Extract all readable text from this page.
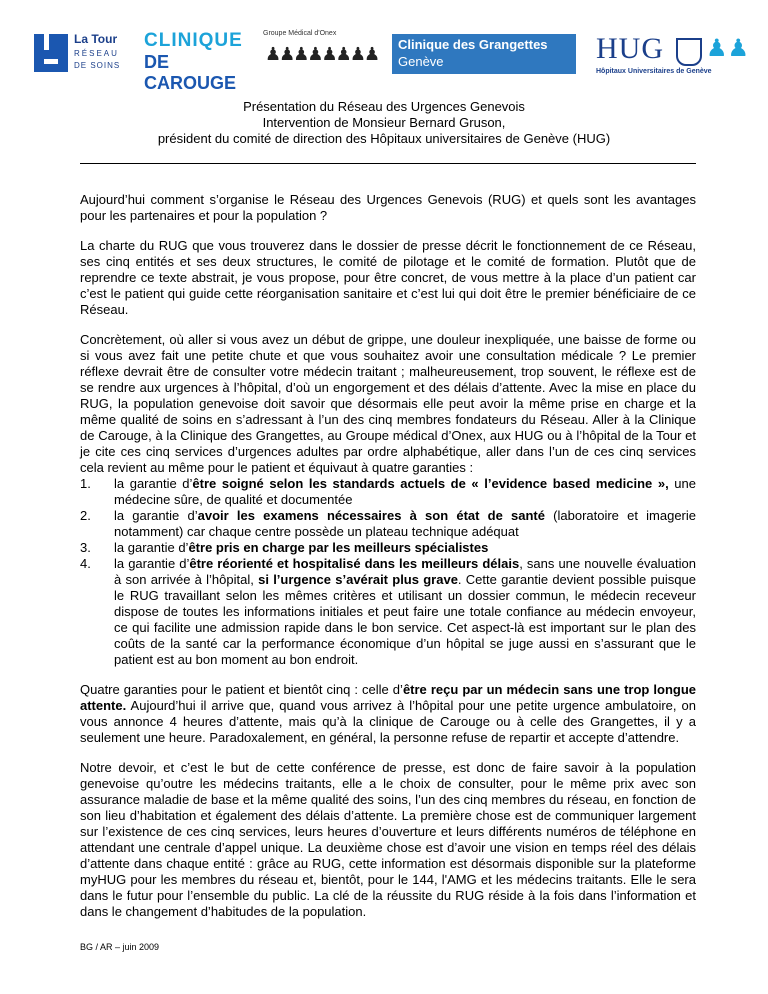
La Tour
RÉSEAU
DE SOINS
CLINIQUE
DE CAROUGE
Groupe Médical d'Onex
♟♟♟♟♟♟♟♟ Clinique des Grangettes
Genève	HUG ♟♟
Hôpitaux Universitaires de Genève
Présentation du Réseau des Urgences Genevois
Intervention de Monsieur Bernard Gruson,
président du comité de direction des Hôpitaux universitaires de Genève (HUG)

Aujourd’hui comment s’organise le Réseau des Urgences Genevois (RUG) et quels sont les avantages pour les partenaires et pour la population ?

La charte du RUG que vous trouverez dans le dossier de presse décrit le fonctionnement de ce Réseau, ses cinq entités et ses deux structures, le comité de pilotage et le comité de formation. Plutôt que de reprendre ce texte abstrait, je vous propose, pour être concret, de vous mettre à la place d’un patient car c’est le patient qui guide cette réorganisation sanitaire et c’est lui qui doit être le premier bénéficiaire de ce Réseau.

Concrètement, où aller si vous avez un début de grippe, une douleur inexpliquée, une baisse de forme ou si vous avez fait une petite chute et que vous souhaitez avoir une consultation médicale ? Le premier réflexe devrait être de consulter votre médecin traitant ; malheureusement, trop souvent, le réflexe est de se rendre aux urgences à l’hôpital, d’où un engorgement et des délais d’attente. Avec la mise en place du RUG, la population genevoise doit savoir que désormais elle peut avoir la même prise en charge et la même qualité de soins en s’adressant à l’un des cinq membres fondateurs du Réseau. Aller à la Clinique de Carouge, à la Clinique des Grangettes, au Groupe médical d’Onex, aux HUG ou à l’hôpital de la Tour et je cite ces cinq services d’urgences adultes par ordre alphabétique, aller dans l’un de ces cinq services cela revient au même pour le patient et équivaut à quatre garanties :
1. la garantie d’être soigné selon les standards actuels de « l’evidence based medicine », une médecine sûre, de qualité et documentée
2. la garantie d’avoir les examens nécessaires à son état de santé (laboratoire et imagerie notamment) car chaque centre possède un plateau technique adéquat
3. la garantie d’être pris en charge par les meilleurs spécialistes
4. la garantie d’être réorienté et hospitalisé dans les meilleurs délais, sans une nouvelle évaluation à son arrivée à l’hôpital, si l’urgence s’avérait plus grave. Cette garantie devient possible puisque le RUG travaillant selon les mêmes critères et utilisant un dossier commun, le médecin receveur dispose de toutes les informations initiales et peut faire une totale confiance au médecin envoyeur, ce qui facilite une admission rapide dans le bon service. Cet aspect-là est important sur le plan des coûts de la santé car la performance économique d’un hôpital se juge aussi en s’assurant que le patient est au bon moment au bon endroit.

Quatre garanties pour le patient et bientôt cinq : celle d’être reçu par un médecin sans une trop longue attente. Aujourd’hui il arrive que, quand vous arrivez à l’hôpital pour une petite urgence ambulatoire, on vous annonce 4 heures d’attente, mais qu’à la clinique de Carouge ou à celle des Grangettes, il y a seulement une heure. Paradoxalement, en général, la personne refuse de repartir et accepte d’attendre.

Notre devoir, et c’est le but de cette conférence de presse, est donc de faire savoir à la population genevoise qu’outre les médecins traitants, elle a le choix de consulter, pour le même prix avec son assurance maladie de base et la même qualité des soins, l’un des cinq membres du réseau, en fonction de son lieu d’habitation et également des délais d’attente. La première chose est de communiquer largement sur l’existence de ces cinq services, leurs heures d’ouverture et leurs différents numéros de téléphone en attendant une centrale d’appel unique. La deuxième chose est d’avoir une vision en temps réel des délais d’attente dans chaque entité : grâce au RUG, cette information est désormais disponible sur la plateforme myHUG pour les membres du réseau et, bientôt, pour le 144, l'AMG et les médecins traitants. Elle le sera dans le futur pour l’ensemble du public. La clé de la réussite du RUG réside à la fois dans l’information et dans le changement d’habitudes de la population.

BG / AR – juin 2009
